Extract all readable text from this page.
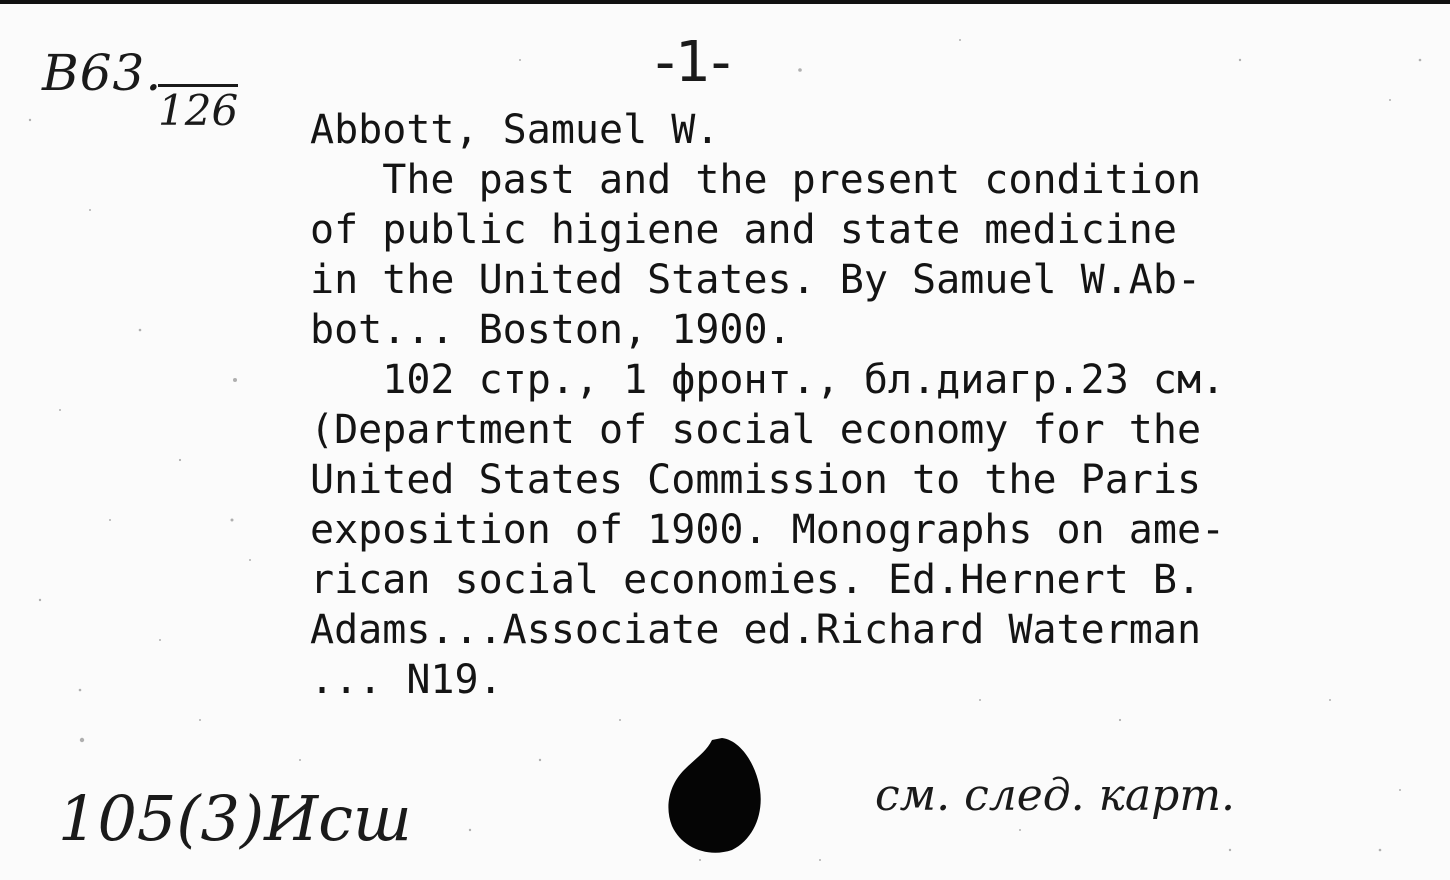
В63.
126
-1-
Abbott, Samuel W.
The past and the present condition
of public higiene and state medicine
in the United States. By Samuel W.Ab-
bot... Boston, 1900.
102 стр., 1 фронт., бл.диагр.23 см.
(Department of social economy for the
United States Commission to the Paris
exposition of 1900. Monographs on ame-
rican social economies. Ed.Hernert B.
Adams...Associate ed.Richard Waterman
... N19.
105(3)Исш	см. след. карт.
